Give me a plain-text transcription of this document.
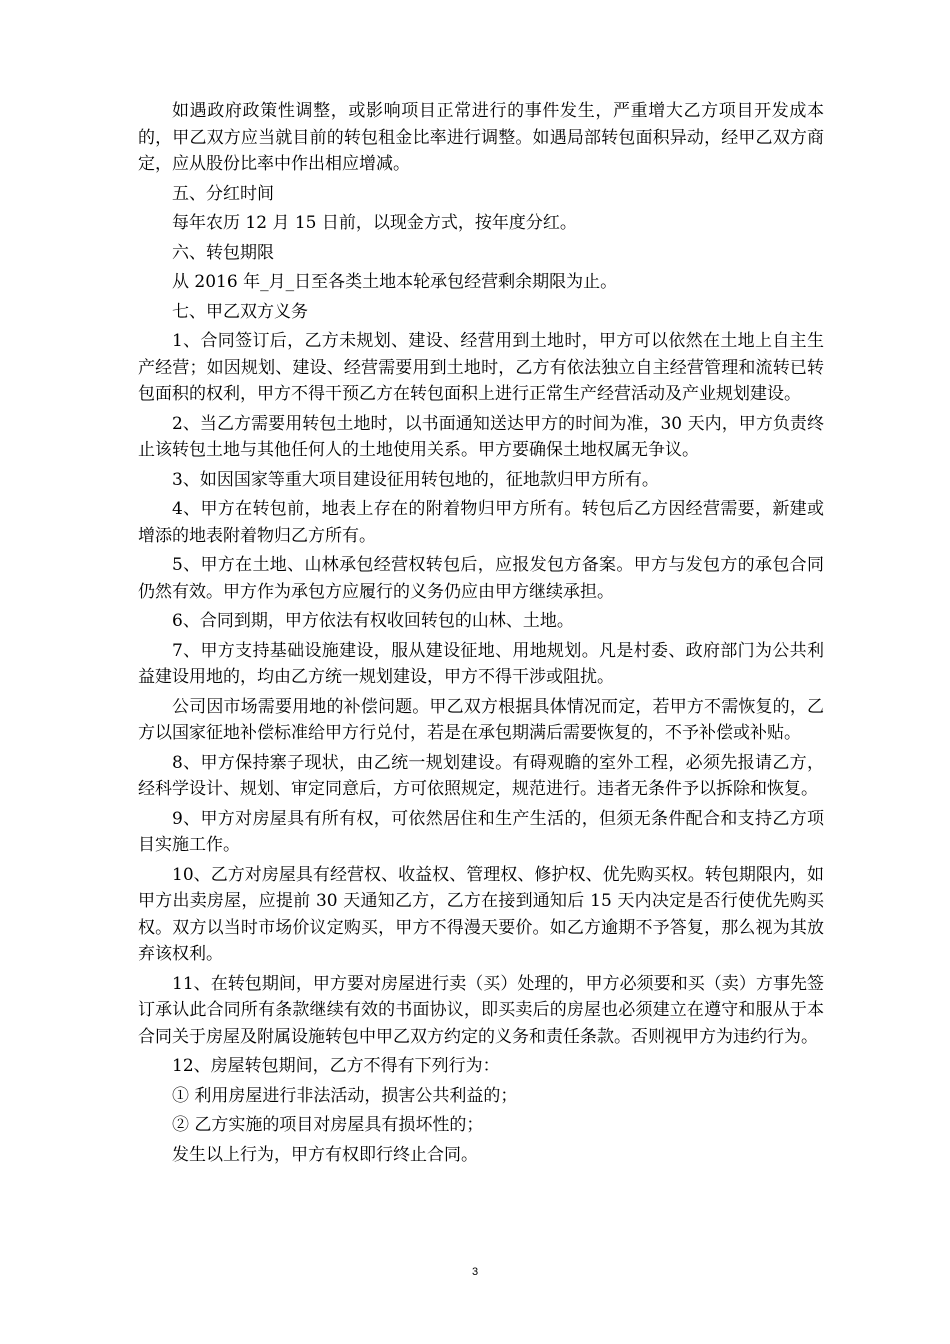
如遇政府政策性调整，或影响项目正常进行的事件发生，严重增大乙方项目开发成本的，甲乙双方应当就目前的转包租金比率进行调整。如遇局部转包面积异动，经甲乙双方商定，应从股份比率中作出相应增减。

五、分红时间

每年农历 12 月 15 日前，以现金方式，按年度分红。

六、转包期限

从 2016 年_月_日至各类土地本轮承包经营剩余期限为止。

七、甲乙双方义务

1、合同签订后，乙方未规划、建设、经营用到土地时，甲方可以依然在土地上自主生产经营；如因规划、建设、经营需要用到土地时，乙方有依法独立自主经营管理和流转已转包面积的权利，甲方不得干预乙方在转包面积上进行正常生产经营活动及产业规划建设。

2、当乙方需要用转包土地时，以书面通知送达甲方的时间为准，30 天内，甲方负责终止该转包土地与其他任何人的土地使用关系。甲方要确保土地权属无争议。

3、如因国家等重大项目建设征用转包地的，征地款归甲方所有。

4、甲方在转包前，地表上存在的附着物归甲方所有。转包后乙方因经营需要，新建或增添的地表附着物归乙方所有。

5、甲方在土地、山林承包经营权转包后，应报发包方备案。甲方与发包方的承包合同仍然有效。甲方作为承包方应履行的义务仍应由甲方继续承担。

6、合同到期，甲方依法有权收回转包的山林、土地。

7、甲方支持基础设施建设，服从建设征地、用地规划。凡是村委、政府部门为公共利益建设用地的，均由乙方统一规划建设，甲方不得干涉或阻扰。

公司因市场需要用地的补偿问题。甲乙双方根据具体情况而定，若甲方不需恢复的，乙方以国家征地补偿标准给甲方行兑付，若是在承包期满后需要恢复的，不予补偿或补贴。

8、甲方保持寨子现状，由乙统一规划建设。有碍观瞻的室外工程，必须先报请乙方，经科学设计、规划、审定同意后，方可依照规定，规范进行。违者无条件予以拆除和恢复。

9、甲方对房屋具有所有权，可依然居住和生产生活的，但须无条件配合和支持乙方项目实施工作。

10、乙方对房屋具有经营权、收益权、管理权、修护权、优先购买权。转包期限内，如甲方出卖房屋，应提前 30 天通知乙方，乙方在接到通知后 15 天内决定是否行使优先购买权。双方以当时市场价议定购买，甲方不得漫天要价。如乙方逾期不予答复，那么视为其放弃该权利。

11、在转包期间，甲方要对房屋进行卖（买）处理的，甲方必须要和买（卖）方事先签订承认此合同所有条款继续有效的书面协议，即买卖后的房屋也必须建立在遵守和服从于本合同关于房屋及附属设施转包中甲乙双方约定的义务和责任条款。否则视甲方为违约行为。

12、房屋转包期间，乙方不得有下列行为：

① 利用房屋进行非法活动，损害公共利益的；

② 乙方实施的项目对房屋具有损坏性的；

发生以上行为，甲方有权即行终止合同。

3
